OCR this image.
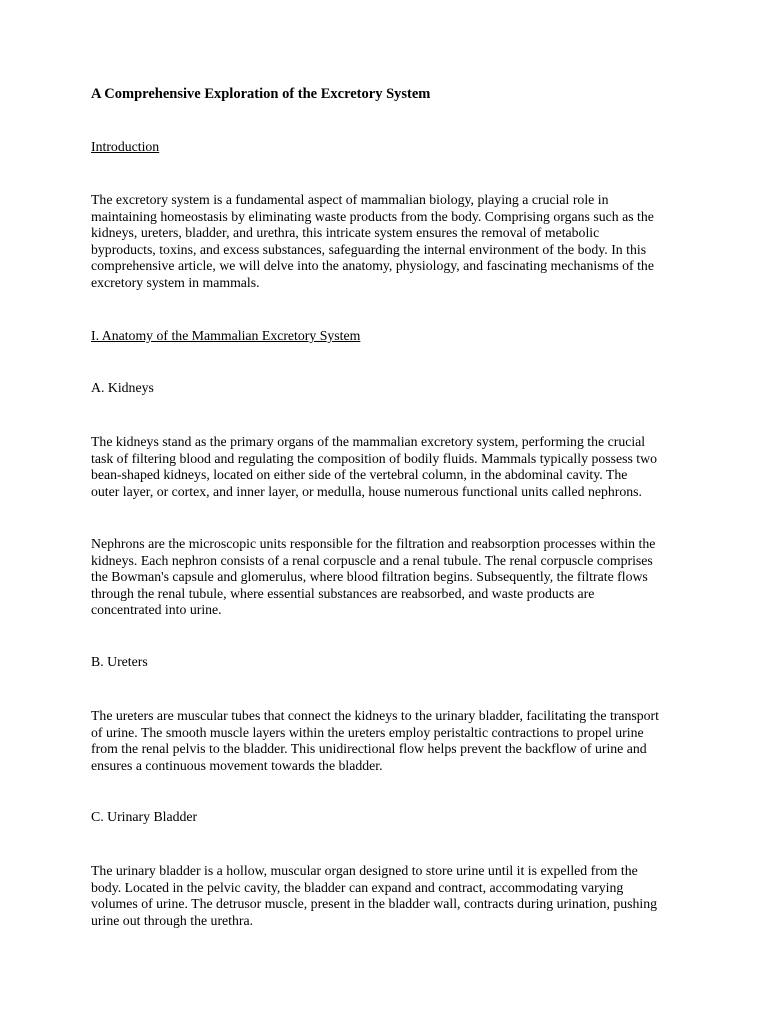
A Comprehensive Exploration of the Excretory System

Introduction

The excretory system is a fundamental aspect of mammalian biology, playing a crucial role in
maintaining homeostasis by eliminating waste products from the body. Comprising organs such as the
kidneys, ureters, bladder, and urethra, this intricate system ensures the removal of metabolic
byproducts, toxins, and excess substances, safeguarding the internal environment of the body. In this
comprehensive article, we will delve into the anatomy, physiology, and fascinating mechanisms of the
excretory system in mammals.

I. Anatomy of the Mammalian Excretory System

A. Kidneys

The kidneys stand as the primary organs of the mammalian excretory system, performing the crucial
task of filtering blood and regulating the composition of bodily fluids. Mammals typically possess two
bean-shaped kidneys, located on either side of the vertebral column, in the abdominal cavity. The
outer layer, or cortex, and inner layer, or medulla, house numerous functional units called nephrons.

Nephrons are the microscopic units responsible for the filtration and reabsorption processes within the
kidneys. Each nephron consists of a renal corpuscle and a renal tubule. The renal corpuscle comprises
the Bowman's capsule and glomerulus, where blood filtration begins. Subsequently, the filtrate flows
through the renal tubule, where essential substances are reabsorbed, and waste products are
concentrated into urine.

B. Ureters

The ureters are muscular tubes that connect the kidneys to the urinary bladder, facilitating the transport
of urine. The smooth muscle layers within the ureters employ peristaltic contractions to propel urine
from the renal pelvis to the bladder. This unidirectional flow helps prevent the backflow of urine and
ensures a continuous movement towards the bladder.

C. Urinary Bladder

The urinary bladder is a hollow, muscular organ designed to store urine until it is expelled from the
body. Located in the pelvic cavity, the bladder can expand and contract, accommodating varying
volumes of urine. The detrusor muscle, present in the bladder wall, contracts during urination, pushing
urine out through the urethra.
